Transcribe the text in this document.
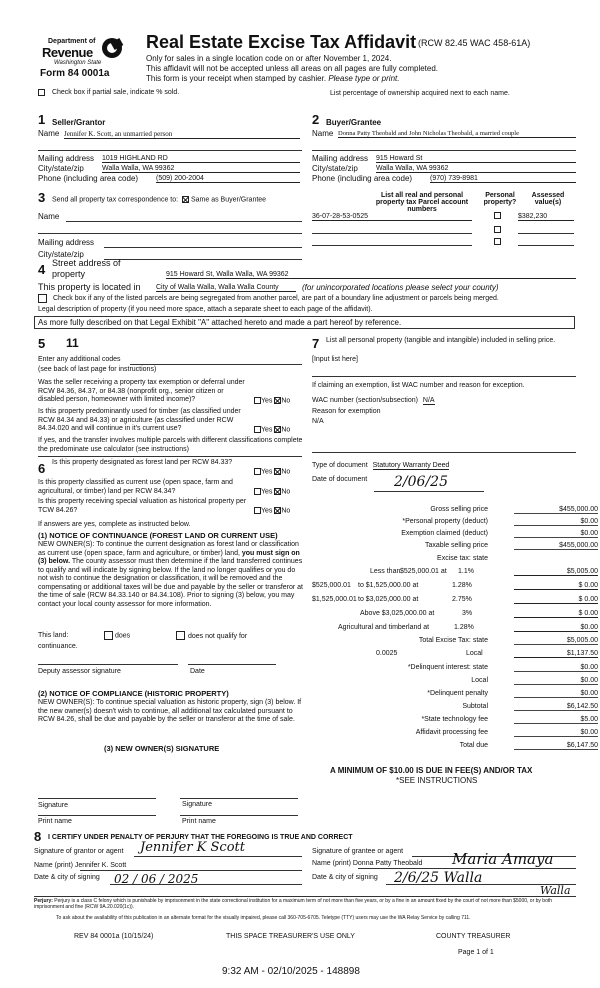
Department of
Revenue
Washington State
Form 84 0001a
Real Estate Excise Tax Affidavit (RCW 82.45 WAC 458-61A)
Only for sales in a single location code on or after November 1, 2024.
This affidavit will not be accepted unless all areas on all pages are fully completed.
This form is your receipt when stamped by cashier. Please type or print.
Check box if partial sale, indicate % sold.	List percentage of ownership acquired next to each name.
1 Seller/Grantor
Name Jennifer K. Scott, an unmarried person
Mailing address 1019 HIGHLAND RD
City/state/zip	Walla Walla, WA 99362
Phone (including area code)	(509) 200-2004
2 Buyer/Grantee
Name Donna Patty Theobald and John Nicholas Theobald, a married couple
Mailing address 915 Howard St
City/state/zip	Walla Walla, WA 99362
Phone (including area code)	(970) 739-8981
3 Send all property tax correspondence to: Same as Buyer/Grantee
Name
Mailing address
City/state/zip
List all real and personal property tax Parcel account numbers
Personal property?
Assessed value(s)
36-07-28-53-0525	$382,230
4 Street address of property	915 Howard St, Walla Walla, WA 99362
This property is located in City of Walla Walla, Walla Walla County	(for unincorporated locations please select your county)
Check box if any of the listed parcels are being segregated from another parcel, are part of a boundary line adjustment or parcels being merged.
Legal description of property (if you need more space, attach a separate sheet to each page of the affidavit).
As more fully described on that Legal Exhibit "A" attached hereto and made a part hereof by reference.
5 11
Enter any additional codes
(see back of last page for instructions)
Was the seller receiving a property tax exemption or deferral under RCW 84.36, 84.37, or 84.38 (nonprofit org., senior citizen or disabled person, homeowner with limited income)?	Yes No
Is this property predominantly used for timber (as classified under RCW 84.34 and 84.33) or agriculture (as classified under RCW 84.34.020 and will continue in it's current use?	Yes No
If yes, and the transfer involves multiple parcels with different classifications complete the predominate use calculator (see instructions)
6 Is this property designated as forest land per RCW 84.33?
Yes No
Is this property classified as current use (open space, farm and agricultural, or timber) land per RCW 84.34?	Yes No
Is this property receiving special valuation as historical property per TCW 84.26?	Yes No
If answers are yes, complete as instructed below.
(1) NOTICE OF CONTINUANCE (FOREST LAND OR CURRENT USE)
NEW OWNER(S): To continue the current designation as forest land or classification as current use (open space, farm and agriculture, or timber) land, you must sign on (3) below. The county assessor must then determine if the land transferred continues to qualify and will indicate by signing below. If the land no longer qualifies or you do not wish to continue the designation or classification, it will be removed and the compensating or additional taxes will be due and payable by the seller or transferor at the time of sale (RCW 84.33.140 or 84.34.108). Prior to signing (3) below, you may contact your local county assessor for more information.
This land:	does	does not qualify for continuance.
Deputy assessor signature	Date
(2) NOTICE OF COMPLIANCE (HISTORIC PROPERTY)
NEW OWNER(S): To continue special valuation as historic property, sign (3) below. If the new owner(s) doesn't wish to continue, all additional tax calculated pursuant to RCW 84.26, shall be due and payable by the seller or transferor at the time of sale.
(3) NEW OWNER(S) SIGNATURE
Signature	Signature
Print name	Print name
7 List all personal property (tangible and intangible) included in selling price.
[Input list here]
If claiming an exemption, list WAC number and reason for exception.
WAC number (section/subsection) N/A
Reason for exemption
N/A
Type of document Statutory Warranty Deed
Date of document 2/06/25
Gross selling price	$455,000.00
*Personal property (deduct)	$0.00
Exemption claimed (deduct)	$0.00
Taxable selling price	$455,000.00
Excise tax: state
Less than $525,000.01 at 1.1%	$5,005.00
$525,000.01 to $1,525,000.00 at	1.28%	$ 0.00
$1,525,000.01 to $3,025,000.00 at	2.75%	$ 0.00
Above $3,025,000.00 at	3%	$ 0.00
Agricultural and timberland at	1.28%	$0.00
Total Excise Tax: state	$5,005.00
0.0025	Local	$1,137.50
*Delinquent interest: state	$0.00
Local	$0.00
*Delinquent penalty	$0.00
Subtotal	$6,142.50
*State technology fee	$5.00
Affidavit processing fee	$0.00
Total due	$6,147.50
A MINIMUM OF $10.00 IS DUE IN FEE(S) AND/OR TAX
*SEE INSTRUCTIONS
8 I CERTIFY UNDER PENALTY OF PERJURY THAT THE FOREGOING IS TRUE AND CORRECT
Signature of grantor or agent Jennifer K Scott
Name (print) Jennifer K. Scott
Date & city of signing 02 / 06 / 2025
Signature of grantee or agent
Name (print) Donna Patty Theobald Maria Amaya
Date & city of signing 2/6/25 Walla
Walla
Perjury: Perjury is a class C felony which is punishable by imprisonment in the state correctional institution for a maximum term of not more than five years, or by a fine in an amount fixed by the court of not more than $5000, or by both imprisonment and fine (RCW 9A.20.020(1c)).
To ask about the availability of this publication in an alternate format for the visually impaired, please call 360-705-6705. Teletype (TTY) users may use the WA Relay Service by calling 711.
REV 84 0001a (10/15/24)	THIS SPACE TREASURER'S USE ONLY	COUNTY TREASURER
Page 1 of 1
9:32 AM - 02/10/2025 - 148898
